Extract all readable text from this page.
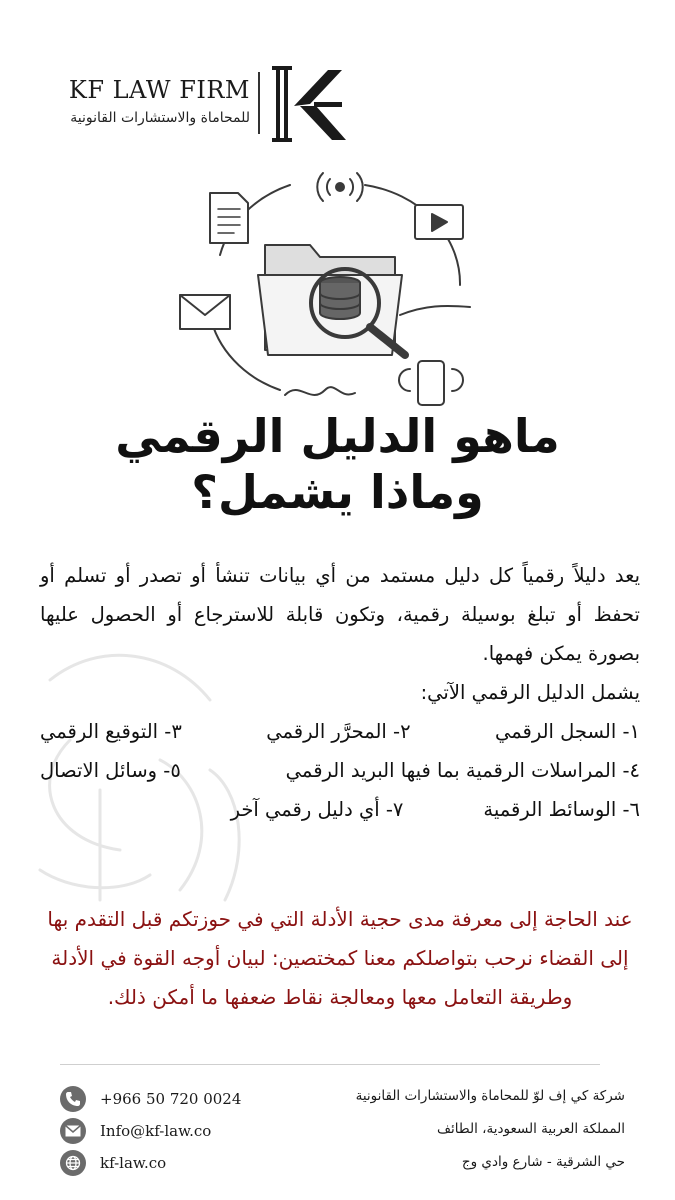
KF LAW FIRM
للمحاماة والاستشارات القانونية
ماهو الدليل الرقمي
وماذا يشمل؟
يعد دليلاً رقمياً كل دليل مستمد من أي بيانات تنشأ أو تصدر أو تسلم أو تحفظ أو تبلغ بوسيلة رقمية، وتكون قابلة للاسترجاع أو الحصول عليها بصورة يمكن فهمها.
يشمل الدليل الرقمي الآتي:
١- السجل الرقمي
٢- المحرَّر الرقمي
٣- التوقيع الرقمي
٤- المراسلات الرقمية بما فيها البريد الرقمي
٥- وسائل الاتصال
٦- الوسائط الرقمية
٧- أي دليل رقمي آخر
عند الحاجة إلى معرفة مدى حجية الأدلة التي في حوزتكم قبل التقدم بها إلى القضاء نرحب بتواصلكم معنا كمختصين: لبيان أوجه القوة في الأدلة وطريقة التعامل معها ومعالجة نقاط ضعفها ما أمكن ذلك.
+966 50 720 0024
Info@kf-law.co
kf-law.co
شركة كي إف لوّ للمحاماة والاستشارات القانونية
المملكة العربية السعودية، الطائف
حي الشرقية - شارع وادي وج
